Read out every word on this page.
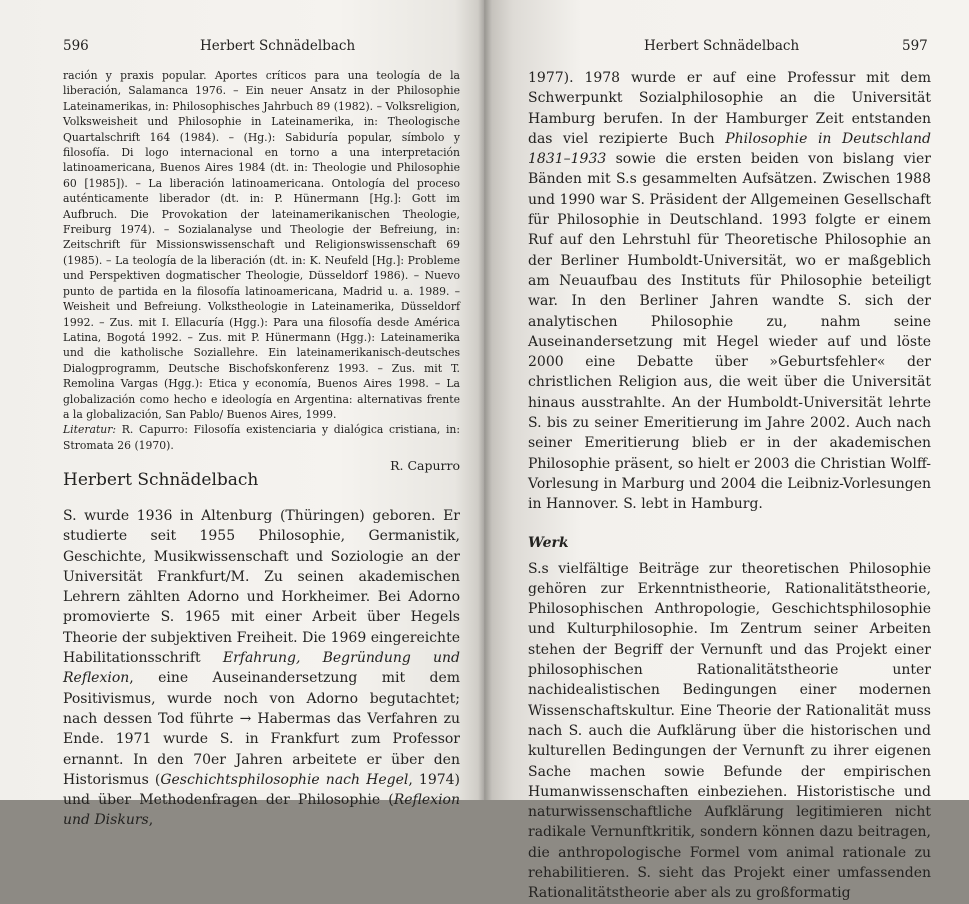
596	Herbert Schnädelbach

ración y praxis popular. Aportes críticos para una teología de la liberación, Salamanca 1976. – Ein neuer Ansatz in der Philosophie Lateinamerikas, in: Philosophisches Jahrbuch 89 (1982). – Volksreligion, Volksweisheit und Philosophie in Lateinamerika, in: Theologische Quartalschrift 164 (1984). – (Hg.): Sabiduría popular, símbolo y filosofía. Di logo internacional en torno a una interpretación latinoamericana, Buenos Aires 1984 (dt. in: Theologie und Philosophie 60 [1985]). – La liberación latinoamericana. Ontología del proceso auténticamente liberador (dt. in: P. Hünermann [Hg.]: Gott im Aufbruch. Die Provokation der lateinamerikanischen Theologie, Freiburg 1974). – Sozialanalyse und Theologie der Befreiung, in: Zeitschrift für Missionswissenschaft und Religionswissenschaft 69 (1985). – La teología de la liberación (dt. in: K. Neufeld [Hg.]: Probleme und Perspektiven dogmatischer Theologie, Düsseldorf 1986). – Nuevo punto de partida en la filosofía latinoamericana, Madrid u. a. 1989. – Weisheit und Befreiung. Volkstheologie in Lateinamerika, Düsseldorf 1992. – Zus. mit I. Ellacuría (Hgg.): Para una filosofía desde América Latina, Bogotá 1992. – Zus. mit P. Hünermann (Hgg.): Lateinamerika und die katholische Soziallehre. Ein lateinamerikanisch-deutsches Dialogprogramm, Deutsche Bischofskonferenz 1993. – Zus. mit T. Remolina Vargas (Hgg.): Etica y economía, Buenos Aires 1998. – La globalización como hecho e ideología en Argentina: alternativas frente a la globalización, San Pablo/ Buenos Aires, 1999.

Literatur: R. Capurro: Filosofía existenciaria y dialógica cristiana, in: Stromata 26 (1970).

R. Capurro
Herbert Schnädelbach

S. wurde 1936 in Altenburg (Thüringen) geboren. Er studierte seit 1955 Philosophie, Germanistik, Geschichte, Musikwissenschaft und Soziologie an der Universität Frankfurt/M. Zu seinen akademischen Lehrern zählten Adorno und Horkheimer. Bei Adorno promovierte S. 1965 mit einer Arbeit über Hegels Theorie der subjektiven Freiheit. Die 1969 eingereichte Habilitationsschrift Erfahrung, Begründung und Reflexion, eine Auseinandersetzung mit dem Positivismus, wurde noch von Adorno begutachtet; nach dessen Tod führte → Habermas das Verfahren zu Ende. 1971 wurde S. in Frankfurt zum Professor ernannt. In den 70er Jahren arbeitete er über den Historismus (Geschichtsphilosophie nach Hegel, 1974) und über Methodenfragen der Philosophie (Reflexion und Diskurs,

Herbert Schnädelbach	597

1977). 1978 wurde er auf eine Professur mit dem Schwerpunkt Sozialphilosophie an die Universität Hamburg berufen. In der Hamburger Zeit entstanden das viel rezipierte Buch Philosophie in Deutschland 1831–1933 sowie die ersten beiden von bislang vier Bänden mit S.s gesammelten Aufsätzen. Zwischen 1988 und 1990 war S. Präsident der Allgemeinen Gesellschaft für Philosophie in Deutschland. 1993 folgte er einem Ruf auf den Lehrstuhl für Theoretische Philosophie an der Berliner Humboldt-Universität, wo er maßgeblich am Neuaufbau des Instituts für Philosophie beteiligt war. In den Berliner Jahren wandte S. sich der analytischen Philosophie zu, nahm seine Auseinandersetzung mit Hegel wieder auf und löste 2000 eine Debatte über »Geburtsfehler« der christlichen Religion aus, die weit über die Universität hinaus ausstrahlte. An der Humboldt-Universität lehrte S. bis zu seiner Emeritierung im Jahre 2002. Auch nach seiner Emeritierung blieb er in der akademischen Philosophie präsent, so hielt er 2003 die Christian Wolff-Vorlesung in Marburg und 2004 die Leibniz-Vorlesungen in Hannover. S. lebt in Hamburg.

Werk

S.s vielfältige Beiträge zur theoretischen Philosophie gehören zur Erkenntnistheorie, Rationalitätstheorie, Philosophischen Anthropologie, Geschichtsphilosophie und Kulturphilosophie. Im Zentrum seiner Arbeiten stehen der Begriff der Vernunft und das Projekt einer philosophischen Rationalitätstheorie unter nachidealistischen Bedingungen einer modernen Wissenschaftskultur. Eine Theorie der Rationalität muss nach S. auch die Aufklärung über die historischen und kulturellen Bedingungen der Vernunft zu ihrer eigenen Sache machen sowie Befunde der empirischen Humanwissenschaften einbeziehen. Historistische und naturwissenschaftliche Aufklärung legitimieren nicht radikale Vernunftkritik, sondern können dazu beitragen, die anthropologische Formel vom animal rationale zu rehabilitieren. S. sieht das Projekt einer umfassenden Rationalitätstheorie aber als zu großformatig
